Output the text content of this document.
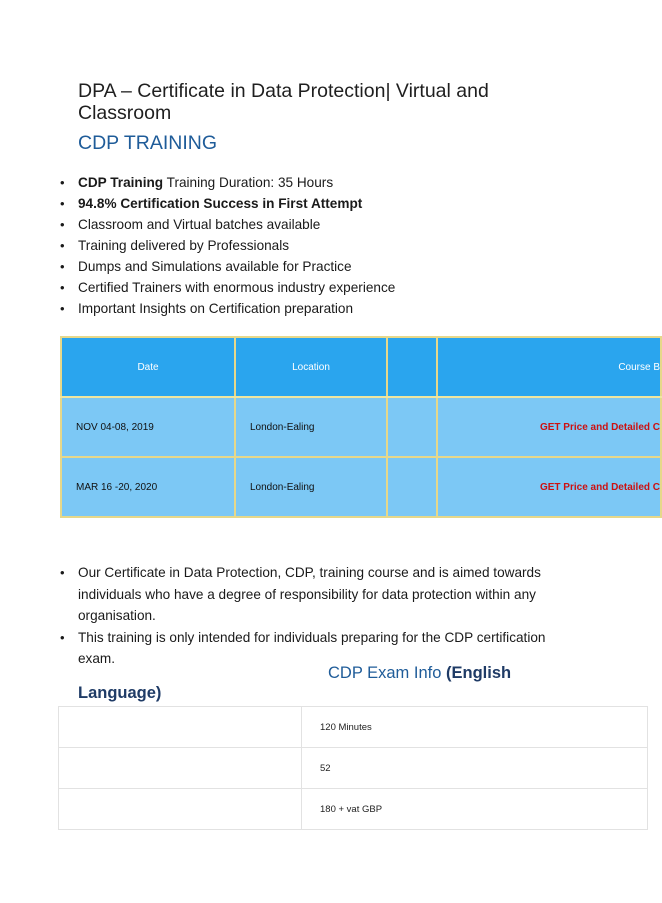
DPA – Certificate in Data Protection| Virtual and Classroom
CDP TRAINING
• CDP Training Training Duration: 35 Hours
• 94.8% Certification Success in First Attempt
• Classroom and Virtual batches available
• Training delivered by Professionals
• Dumps and Simulations available for Practice
• Certified Trainers with enormous industry experience
• Important Insights on Certification preparation
Date	Location		Course B
NOV 04-08, 2019	London-Ealing		GET Price and Detailed C
MAR 16 -20, 2020	London-Ealing		GET Price and Detailed C
• Our Certificate in Data Protection, CDP, training course and is aimed towards individuals who have a degree of responsibility for data protection within any organisation.
• This training is only intended for individuals preparing for the CDP certification exam.
CDP Exam Info (English
Language)
	120 Minutes
	52
	180 + vat GBP
